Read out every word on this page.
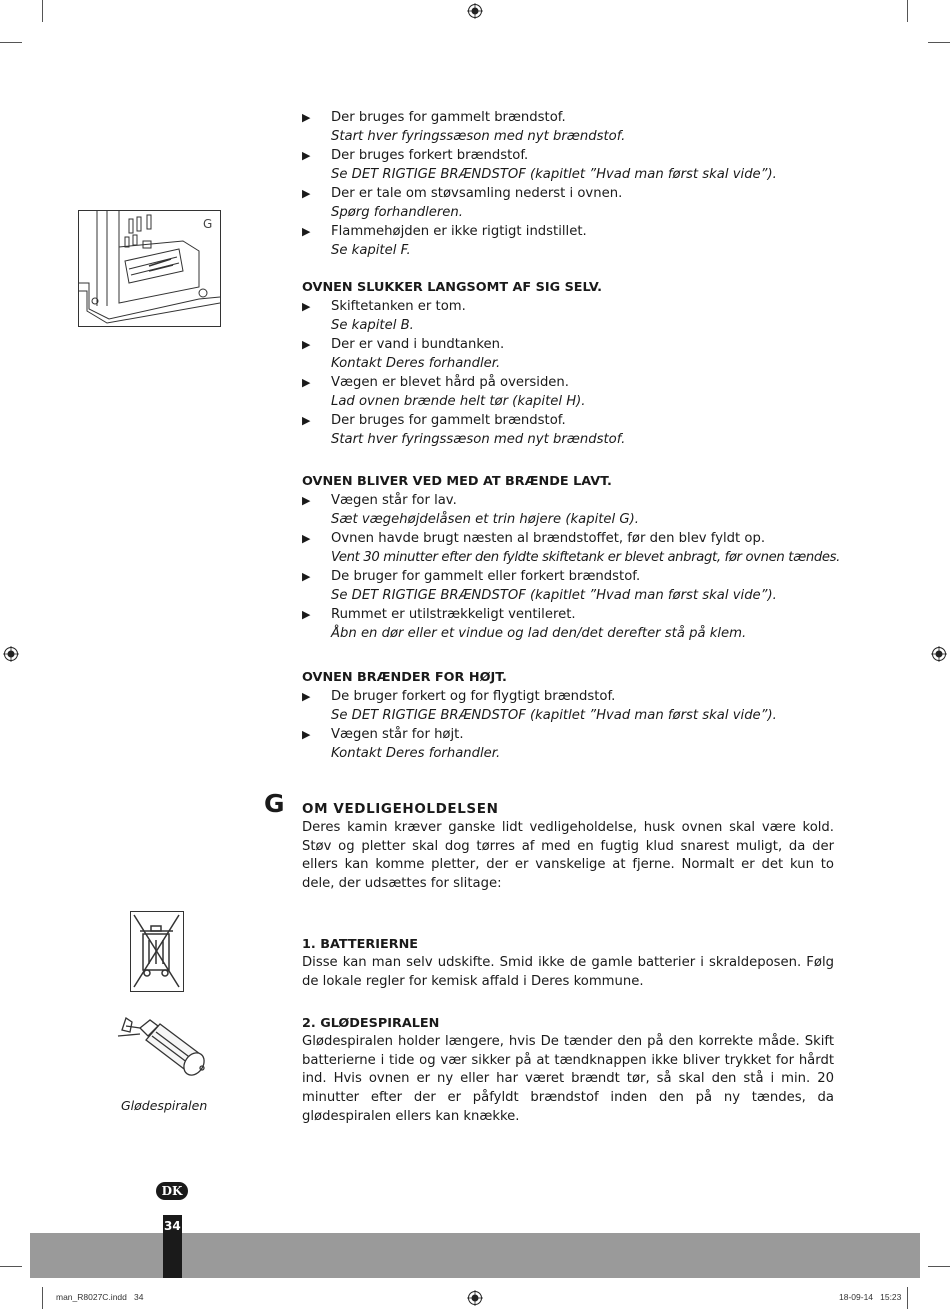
G
▶ Der bruges for gammelt brændstof.
Start hver fyringssæson med nyt brændstof.
▶ Der bruges forkert brændstof.
Se DET RIGTIGE BRÆNDSTOF (kapitlet ”Hvad man først skal vide”).
▶ Der er tale om støvsamling nederst i ovnen.
Spørg forhandleren.
▶ Flammehøjden er ikke rigtigt indstillet.
Se kapitel F.
OVNEN SLUKKER LANGSOMT AF SIG SELV.
▶ Skiftetanken er tom.
Se kapitel B.
▶ Der er vand i bundtanken.
Kontakt Deres forhandler.
▶ Vægen er blevet hård på oversiden.
Lad ovnen brænde helt tør (kapitel H).
▶ Der bruges for gammelt brændstof.
Start hver fyringssæson med nyt brændstof.
OVNEN BLIVER VED MED AT BRÆNDE LAVT.
▶ Vægen står for lav.
Sæt vægehøjdelåsen et trin højere (kapitel G).
▶ Ovnen havde brugt næsten al brændstoffet, før den blev fyldt op.
Vent 30 minutter efter den fyldte skiftetank er blevet anbragt, før ovnen tændes.
▶ De bruger for gammelt eller forkert brændstof.
Se DET RIGTIGE BRÆNDSTOF (kapitlet ”Hvad man først skal vide”).
▶ Rummet er utilstrækkeligt ventileret.
Åbn en dør eller et vindue og lad den/det derefter stå på klem.
OVNEN BRÆNDER FOR HØJT.
▶ De bruger forkert og for flygtigt brændstof.
Se DET RIGTIGE BRÆNDSTOF (kapitlet ”Hvad man først skal vide”).
▶ Vægen står for højt.
Kontakt Deres forhandler.
G OM VEDLIGEHOLDELSEN
Deres kamin kræver ganske lidt vedligeholdelse, husk ovnen skal være kold. Støv og pletter skal dog tørres af med en fugtig klud snarest muligt, da der ellers kan komme pletter, der er vanskelige at fjerne. Normalt er det kun to dele, der udsættes for slitage:
1. BATTERIERNE
Disse kan man selv udskifte. Smid ikke de gamle batterier i skraldeposen. Følg de lokale regler for kemisk affald i Deres kommune.
2. GLØDESPIRALEN
Glødespiralen holder længere, hvis De tænder den på den korrekte måde. Skift batterierne i tide og vær sikker på at tændknappen ikke bliver trykket for hårdt ind. Hvis ovnen er ny eller har været brændt tør, så skal den stå i min. 20 minutter efter der er påfyldt brændstof inden den på ny tændes, da glødespiralen ellers kan knække.
Glødespiralen
DK
34
man_R8027C.indd   34	18-09-14   15:23
